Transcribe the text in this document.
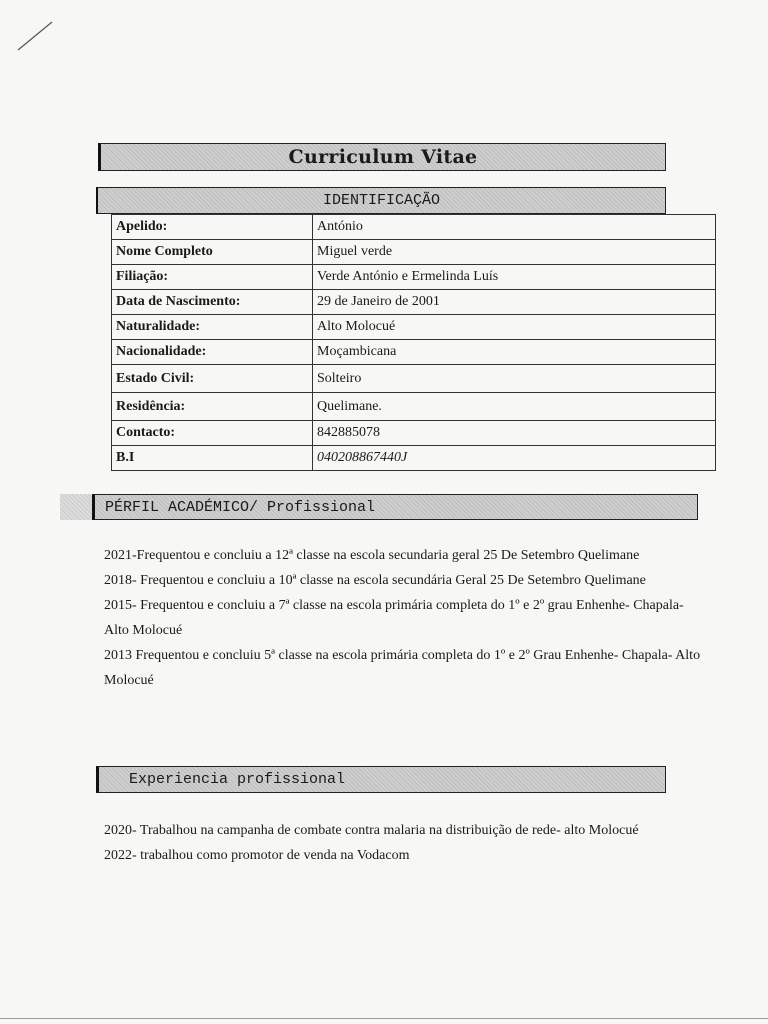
Curriculum Vitae
IDENTIFICAÇÃO
Apelido:	António
Nome Completo	Miguel verde
Filiação:	Verde António e Ermelinda Luís
Data de Nascimento:	29 de Janeiro de 2001
Naturalidade:	Alto Molocué
Nacionalidade:	Moçambicana
Estado Civil:	Solteiro
Residência:	Quelimane.
Contacto:	842885078
B.I	040208867440J
PÉRFIL ACADÉMICO/ Profissional

2021-Frequentou e concluiu a 12ª classe na escola secundaria geral 25 De Setembro Quelimane

2018- Frequentou e concluiu a 10ª classe na escola secundária Geral 25 De Setembro Quelimane

2015- Frequentou e concluiu a 7ª classe na escola primária completa do 1º e 2º grau Enhenhe- Chapala- Alto Molocué

2013 Frequentou e concluiu 5ª classe na escola primária completa do 1º e 2º Grau Enhenhe- Chapala- Alto Molocué

Experiencia profissional

2020- Trabalhou na campanha de combate contra malaria na distribuição de rede- alto Molocué

2022- trabalhou como promotor de venda na Vodacom
